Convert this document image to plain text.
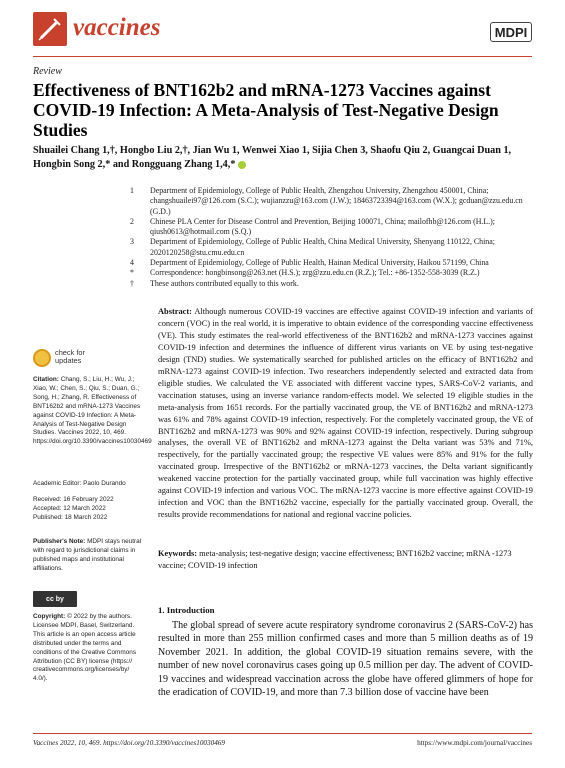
vaccines	MDPI
Review
Effectiveness of BNT162b2 and mRNA-1273 Vaccines against COVID-19 Infection: A Meta-Analysis of Test-Negative Design Studies
Shuailei Chang 1,†, Hongbo Liu 2,†, Jian Wu 1, Wenwei Xiao 1, Sijia Chen 3, Shaofu Qiu 2, Guangcai Duan 1,
Hongbin Song 2,* and Rongguang Zhang 1,4,*
1	Department of Epidemiology, College of Public Health, Zhengzhou University, Zhengzhou 450001, China; changshuailei97@126.com (S.C.); wujianzzu@163.com (J.W.); 18463723394@163.com (W.X.); gcduan@zzu.edu.cn (G.D.)
2	Chinese PLA Center for Disease Control and Prevention, Beijing 100071, China; mailofhb@126.com (H.L.); qiush0613@hotmail.com (S.Q.)
3	Department of Epidemiology, College of Public Health, China Medical University, Shenyang 110122, China; 2020120258@stu.cmu.edu.cn
4	Department of Epidemiology, College of Public Health, Hainan Medical University, Haikou 571199, China
*	Correspondence: hongbinsong@263.net (H.S.); zrg@zzu.edu.cn (R.Z.); Tel.: +86-1352-558-3039 (R.Z.)
†	These authors contributed equally to this work.
Abstract: Although numerous COVID-19 vaccines are effective against COVID-19 infection and variants of concern (VOC) in the real world, it is imperative to obtain evidence of the corresponding vaccine effectiveness (VE). This study estimates the real-world effectiveness of the BNT162b2 and mRNA-1273 vaccines against COVID-19 infection and determines the influence of different virus variants on VE by using test-negative design (TND) studies. We systematically searched for published articles on the efficacy of BNT162b2 and mRNA-1273 against COVID-19 infection. Two researchers independently selected and extracted data from eligible studies. We calculated the VE associated with different vaccine types, SARS-CoV-2 variants, and vaccination statuses, using an inverse variance random-effects model. We selected 19 eligible studies in the meta-analysis from 1651 records. For the partially vaccinated group, the VE of BNT162b2 and mRNA-1273 was 61% and 78% against COVID-19 infection, respectively. For the completely vaccinated group, the VE of BNT162b2 and mRNA-1273 was 90% and 92% against COVID-19 infection, respectively. During subgroup analyses, the overall VE of BNT162b2 and mRNA-1273 against the Delta variant was 53% and 71%, respectively, for the partially vaccinated group; the respective VE values were 85% and 91% for the fully vaccinated group. Irrespective of the BNT162b2 or mRNA-1273 vaccines, the Delta variant significantly weakened vaccine protection for the partially vaccinated group, while full vaccination was highly effective against COVID-19 infection and various VOC. The mRNA-1273 vaccine is more effective against COVID-19 infection and VOC than the BNT162b2 vaccine, especially for the partially vaccinated group. Overall, the results provide recommendations for national and regional vaccine policies.
Keywords: meta-analysis; test-negative design; vaccine effectiveness; BNT162b2 vaccine; mRNA -1273 vaccine; COVID-19 infection
1. Introduction
The global spread of severe acute respiratory syndrome coronavirus 2 (SARS-CoV-2) has resulted in more than 255 million confirmed cases and more than 5 million deaths as of 19 November 2021. In addition, the global COVID-19 situation remains severe, with the number of new novel coronavirus cases going up 0.5 million per day. The advent of COVID-19 vaccines and widespread vaccination across the globe have offered glimmers of hope for the eradication of COVID-19, and more than 7.3 billion dose of vaccine have been
check for updates
Citation: Chang, S.; Liu, H.; Wu, J.; Xiao, W.; Chen, S.; Qiu, S.; Duan, G.; Song, H.; Zhang, R. Effectiveness of BNT162b2 and mRNA-1273 Vaccines against COVID-19 Infection: A Meta-Analysis of Test-Negative Design Studies. Vaccines 2022, 10, 469. https://doi.org/10.3390/vaccines10030469
Academic Editor: Paolo Durando
Received: 16 February 2022
Accepted: 12 March 2022
Published: 18 March 2022
Publisher's Note: MDPI stays neutral with regard to jurisdictional claims in published maps and institutional affiliations.
cc by
Copyright: © 2022 by the authors. Licensee MDPI, Basel, Switzerland. This article is an open access article distributed under the terms and conditions of the Creative Commons Attribution (CC BY) license (https:// creativecommons.org/licenses/by/ 4.0/).
Vaccines 2022, 10, 469. https://doi.org/10.3390/vaccines10030469	https://www.mdpi.com/journal/vaccines
